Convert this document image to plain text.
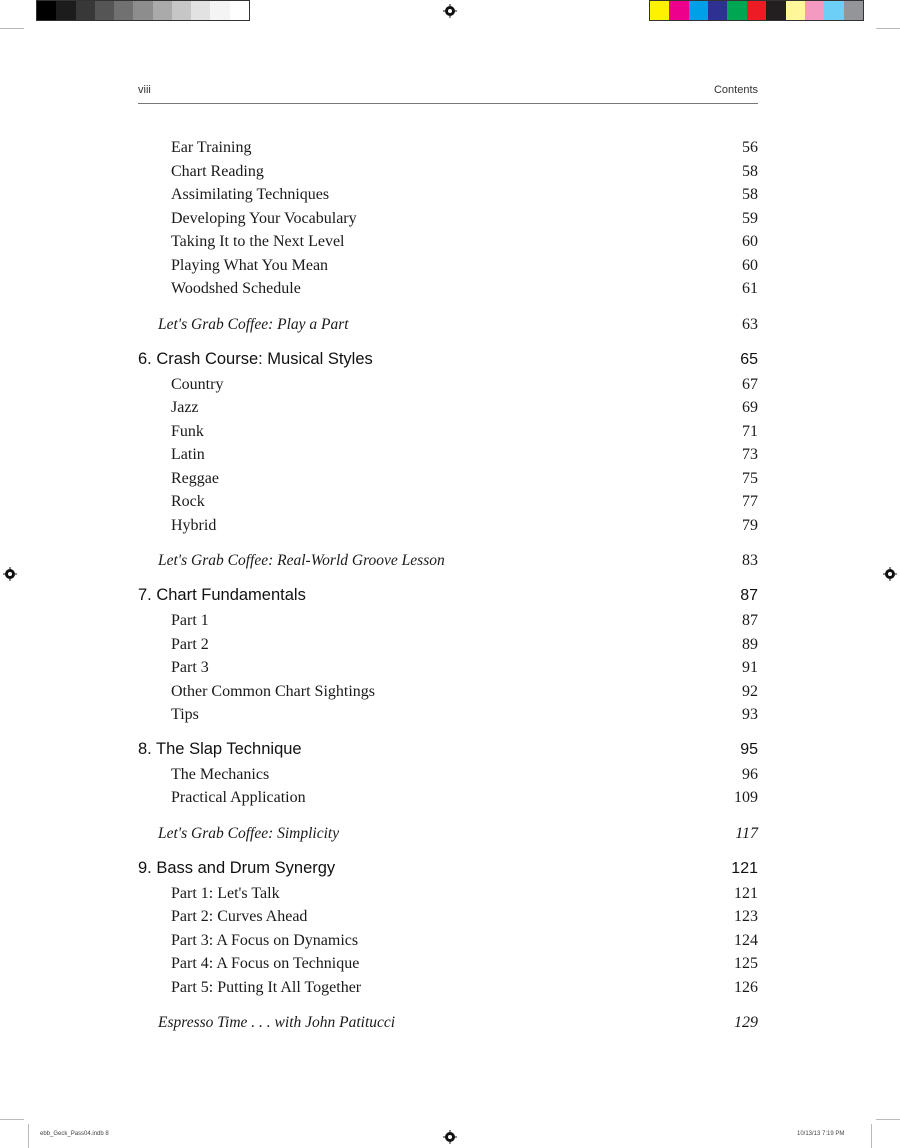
viii	Contents
Ear Training	56
Chart Reading	58
Assimilating Techniques	58
Developing Your Vocabulary	59
Taking It to the Next Level	60
Playing What You Mean	60
Woodshed Schedule	61
Let's Grab Coffee: Play a Part	63
6. Crash Course: Musical Styles	65
Country	67
Jazz	69
Funk	71
Latin	73
Reggae	75
Rock	77
Hybrid	79
Let's Grab Coffee: Real-World Groove Lesson	83
7. Chart Fundamentals	87
Part 1	87
Part 2	89
Part 3	91
Other Common Chart Sightings	92
Tips	93
8. The Slap Technique	95
The Mechanics	96
Practical Application	109
Let's Grab Coffee: Simplicity	117
9. Bass and Drum Synergy	121
Part 1: Let's Talk	121
Part 2: Curves Ahead	123
Part 3: A Focus on Dynamics	124
Part 4: A Focus on Technique	125
Part 5: Putting It All Together	126
Espresso Time . . . with John Patitucci	129
ebb_Geck_Pass04.indb 8	10/13/13 7:19 PM
